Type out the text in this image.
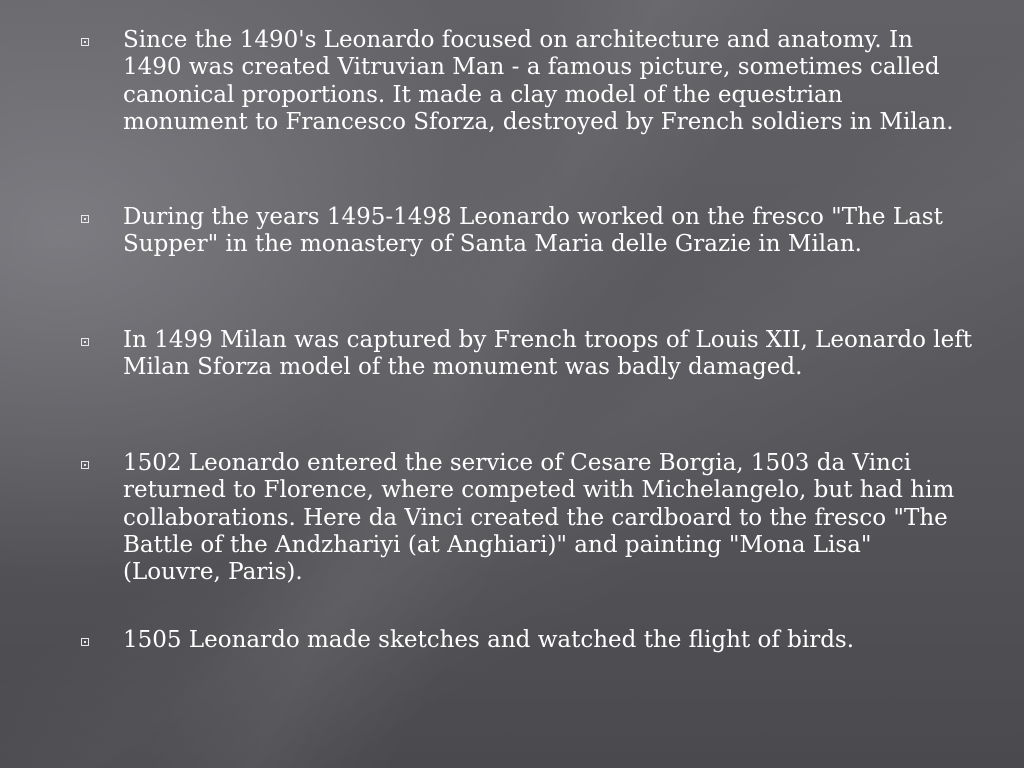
Since the 1490's Leonardo focused on architecture and anatomy. In 1490 was created Vitruvian Man - a famous picture, sometimes called canonical proportions. It made a clay model of the equestrian monument to Francesco Sforza, destroyed by French soldiers in Milan.

During the years 1495-1498 Leonardo worked on the fresco "The Last Supper" in the monastery of Santa Maria delle Grazie in Milan.

In 1499 Milan was captured by French troops of Louis XII, Leonardo left Milan Sforza model of the monument was badly damaged.

1502 Leonardo entered the service of Cesare Borgia, 1503 da Vinci returned to Florence, where competed with Michelangelo, but had him collaborations. Here da Vinci created the cardboard to the fresco "The Battle of the Andzhariyi (at Anghiari)" and painting "Mona Lisa" (Louvre, Paris).

1505 Leonardo made sketches and watched the flight of birds.
